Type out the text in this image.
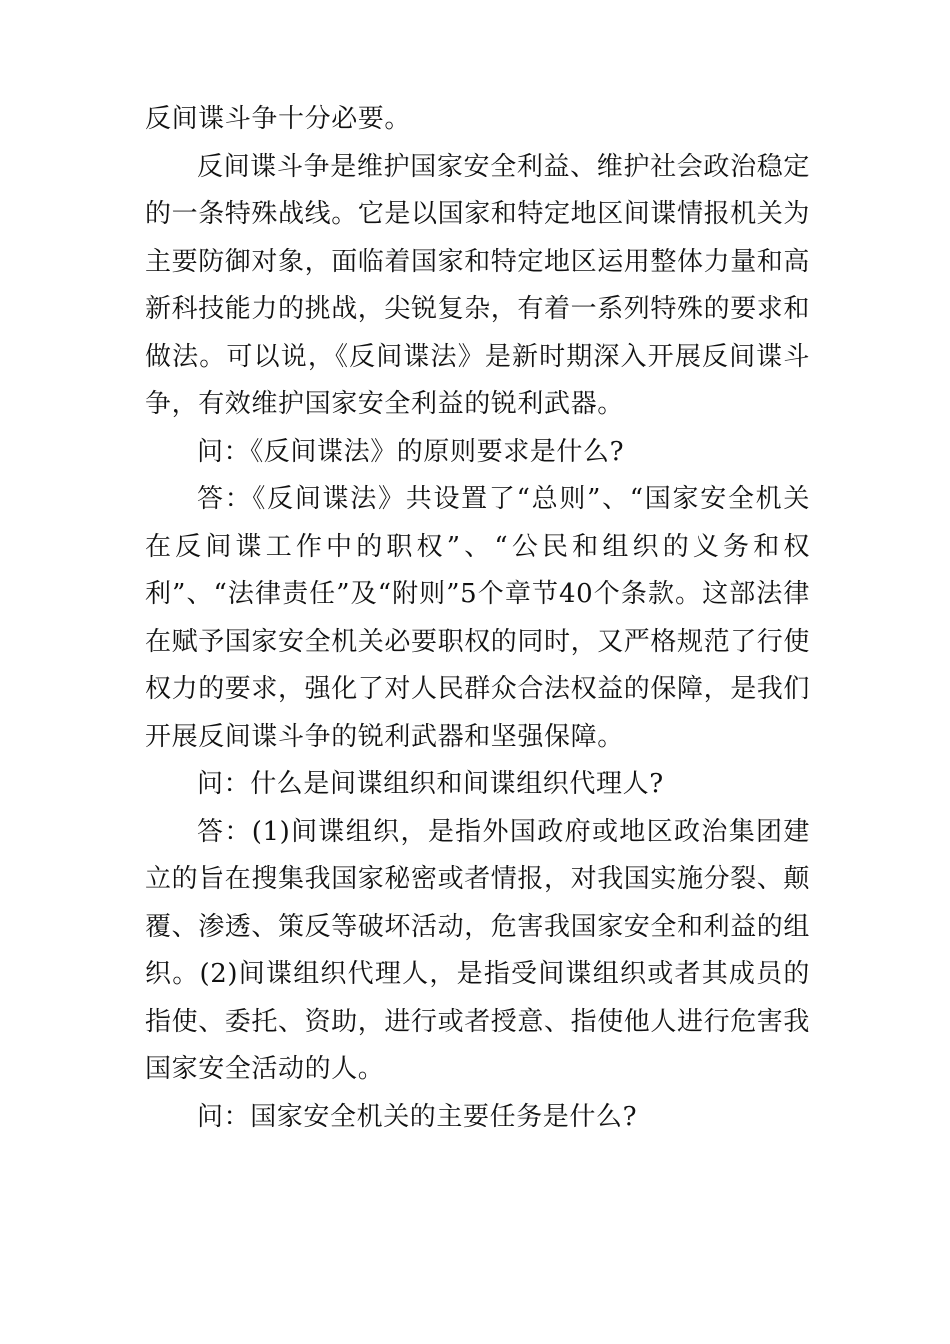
反间谍斗争十分必要。

反间谍斗争是维护国家安全利益、维护社会政治稳定的一条特殊战线。它是以国家和特定地区间谍情报机关为主要防御对象，面临着国家和特定地区运用整体力量和高新科技能力的挑战，尖锐复杂，有着一系列特殊的要求和做法。可以说，《反间谍法》是新时期深入开展反间谍斗争，有效维护国家安全利益的锐利武器。

问：《反间谍法》的原则要求是什么?

答：《反间谍法》共设置了“总则”、“国家安全机关在反间谍工作中的职权”、“公民和组织的义务和权利”、“法律责任”及“附则”5个章节40个条款。这部法律在赋予国家安全机关必要职权的同时，又严格规范了行使权力的要求，强化了对人民群众合法权益的保障，是我们开展反间谍斗争的锐利武器和坚强保障。

问：什么是间谍组织和间谍组织代理人?

答：(1)间谍组织，是指外国政府或地区政治集团建立的旨在搜集我国家秘密或者情报，对我国实施分裂、颠覆、渗透、策反等破坏活动，危害我国家安全和利益的组织。(2)间谍组织代理人，是指受间谍组织或者其成员的指使、委托、资助，进行或者授意、指使他人进行危害我国家安全活动的人。

问：国家安全机关的主要任务是什么?
